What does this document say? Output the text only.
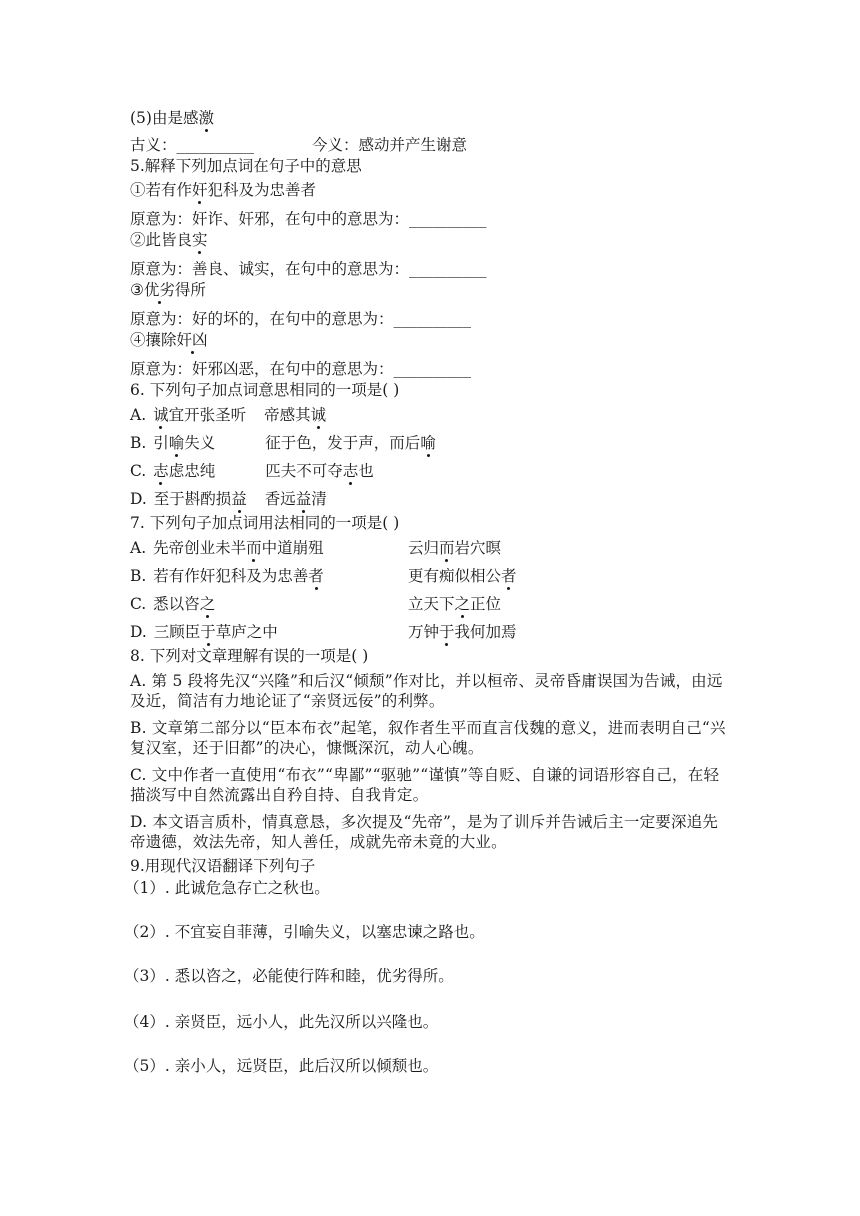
(5)由是感激
古义：__________	今义：感动并产生谢意
5.解释下列加点词在句子中的意思
①若有作奸犯科及为忠善者
原意为：奸诈、奸邪，在句中的意思为：__________
②此皆良实
原意为：善良、诚实，在句中的意思为：__________
③优劣得所
原意为：好的坏的，在句中的意思为：__________
④攘除奸凶
原意为：奸邪凶恶，在句中的意思为：__________
6. 下列句子加点词意思相同的一项是( )
A. 诚宜开张圣听 帝感其诚
B. 引喻失义	征于色，发于声，而后喻
C. 志虑忠纯	匹夫不可夺志也
D. 至于斟酌损益 香远益清
7. 下列句子加点词用法相同的一项是( )
A. 先帝创业未半而中道崩殂	云归而岩穴暝
B. 若有作奸犯科及为忠善者	更有痴似相公者
C. 悉以咨之	立天下之正位
D. 三顾臣于草庐之中	万钟于我何加焉
8. 下列对文章理解有误的一项是( )
A. 第 5 段将先汉“兴隆”和后汉“倾颓”作对比，并以桓帝、灵帝昏庸误国为告诫，由远及近，简洁有力地论证了“亲贤远佞”的利弊。
B. 文章第二部分以“臣本布衣”起笔，叙作者生平而直言伐魏的意义，进而表明自己“兴复汉室，还于旧都”的决心，慷慨深沉，动人心魄。
C. 文中作者一直使用“布衣”“卑鄙”“驱驰”“谨慎”等自贬、自谦的词语形容自己，在轻描淡写中自然流露出自矜自持、自我肯定。
D. 本文语言质朴，情真意恳，多次提及“先帝”，是为了训斥并告诫后主一定要深追先帝遗德，效法先帝，知人善任，成就先帝未竟的大业。
9.用现代汉语翻译下列句子
（1）. 此诚危急存亡之秋也。
（2）. 不宜妄自菲薄，引喻失义，以塞忠谏之路也。
（3）. 悉以咨之，必能使行阵和睦，优劣得所。
（4）. 亲贤臣，远小人，此先汉所以兴隆也。
（5）. 亲小人，远贤臣，此后汉所以倾颓也。
